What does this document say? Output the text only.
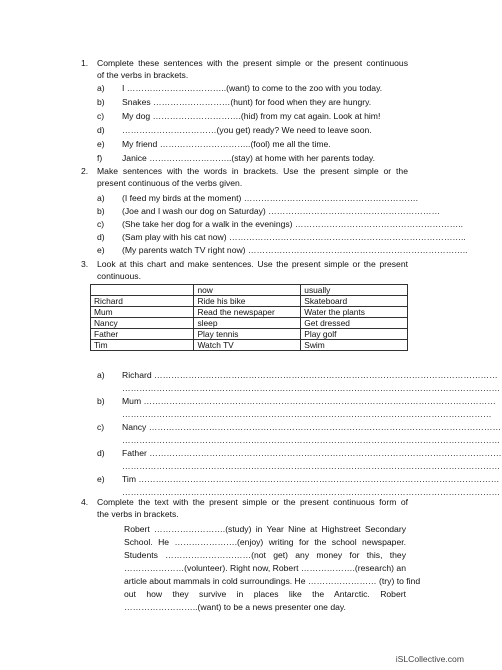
1. Complete these sentences with the present simple or the present continuous
of the verbs in brackets.
a) I ……………………………..(want) to come to the zoo with you today.
b) Snakes ………………………(hunt) for food when they are hungry.
c) My dog ………………………….(hid) from my cat again. Look at him!
d) ……………………………(you get) ready? We need to leave soon.
e) My friend …………………………..(fool) me all the time.
f) Janice ………………………..(stay) at home with her parents today.
2. Make sentences with the words in brackets. Use the present simple or the
present continuous of the verbs given.
a) (I feed my birds at the moment) …………………………………………………….
b) (Joe and I wash our dog on Saturday) ……………………………………………………
c) (She take her dog for a walk in the evenings) …………………………………………………..
d) (Sam play with his cat now) ………………………………………………………………………..
e) (My parents watch TV right now) …………………………………………………………………..
3. Look at this chart and make sentences. Use the present simple or the present
continuous.
	now	usually
Richard	Ride his bike	Skateboard
Mum	Read the newspaper	Water the plants
Nancy	sleep	Get dressed
Father	Play tennis	Play golf
Tim	Watch TV	Swim
a) Richard …………………………………………………………………………………………………………
……………………………………………………………………………………………………………………
b) Mum ……………………………………………………………………………………………………………
…………………………………………………………………………………………………………………
c) Nancy ……………………………………………………………………………………………………………
……………………………………………………………………………………………………………………
d) Father ……………………………………………………………………………………………………………
……………………………………………………………………………………………………………………
e) Tim ………………………………………………………………………………………………………………
……………………………………………………………………………………………………………………
4. Complete the text with the present simple or the present continuous form of
the verbs in brackets.
Robert …………………….(study) in Year Nine at Highstreet Secondary
School. He ………………….(enjoy) writing for the school newspaper.
Students …………………………(not get) any money for this, they
…………………(volunteer). Right now, Robert ……………….(research) an
article about mammals in cold surroundings. He …………………… (try) to find
out how they survive in places like the Antarctic. Robert
……………………..(want) to be a news presenter one day.
iSLCollective.com
